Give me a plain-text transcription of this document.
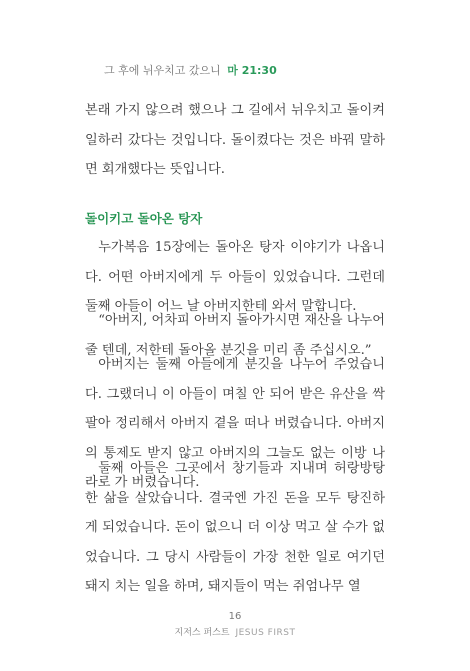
그 후에 뉘우치고 갔으니 마 21:30

본래 가지 않으려 했으나 그 길에서 뉘우치고 돌이켜 일하러 갔다는 것입니다. 돌이켰다는 것은 바꿔 말하면 회개했다는 뜻입니다.

돌이키고 돌아온 탕자

누가복음 15장에는 돌아온 탕자 이야기가 나옵니다. 어떤 아버지에게 두 아들이 있었습니다. 그런데 둘째 아들이 어느 날 아버지한테 와서 말합니다.

“아버지, 어차피 아버지 돌아가시면 재산을 나누어 줄 텐데, 저한테 돌아올 분깃을 미리 좀 주십시오.”

아버지는 둘째 아들에게 분깃을 나누어 주었습니다. 그랬더니 이 아들이 며칠 안 되어 받은 유산을 싹 팔아 정리해서 아버지 곁을 떠나 버렸습니다. 아버지의 통제도 받지 않고 아버지의 그늘도 없는 이방 나라로 가 버렸습니다.

둘째 아들은 그곳에서 창기들과 지내며 허랑방탕한 삶을 살았습니다. 결국엔 가진 돈을 모두 탕진하게 되었습니다. 돈이 없으니 더 이상 먹고 살 수가 없었습니다. 그 당시 사람들이 가장 천한 일로 여기던 돼지 치는 일을 하며, 돼지들이 먹는 쥐엄나무 열

16
지저스 퍼스트 JESUS FIRST
